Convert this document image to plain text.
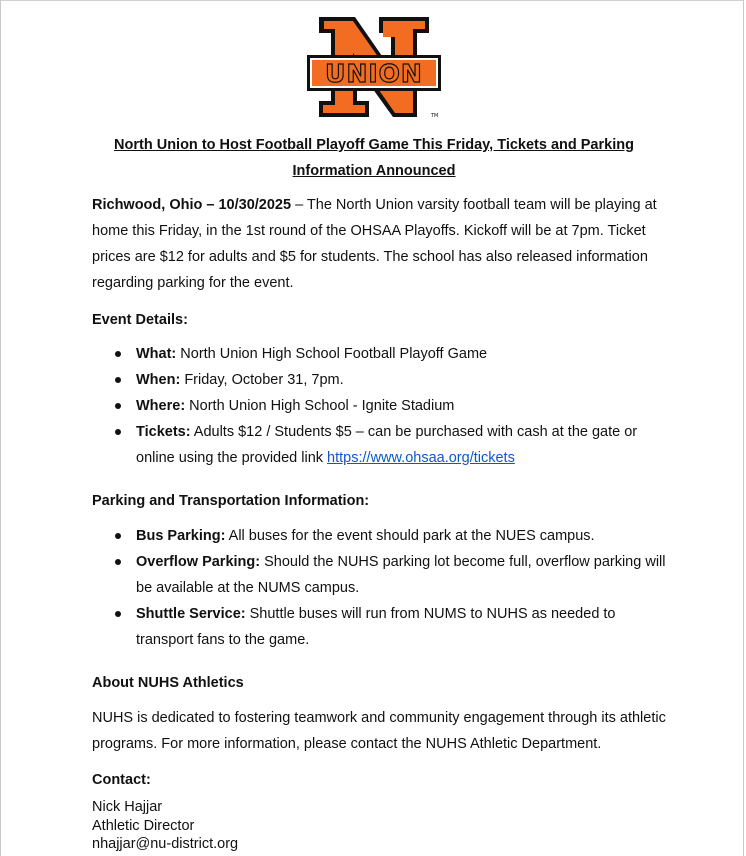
UNION
TM
North Union to Host Football Playoff Game This Friday, Tickets and Parking
Information Announced
Richwood, Ohio – 10/30/2025 – The North Union varsity football team will be playing at home this Friday, in the 1st round of the OHSAA Playoffs. Kickoff will be at 7pm. Ticket prices are $12 for adults and $5 for students. The school has also released information regarding parking for the event.
Event Details:
What: North Union High School Football Playoff Game
When: Friday, October 31, 7pm.
Where: North Union High School - Ignite Stadium
Tickets: Adults $12 / Students $5 – can be purchased with cash at the gate or online using the provided link https://www.ohsaa.org/tickets
Parking and Transportation Information:
Bus Parking: All buses for the event should park at the NUES campus.
Overflow Parking: Should the NUHS parking lot become full, overflow parking will be available at the NUMS campus.
Shuttle Service: Shuttle buses will run from NUMS to NUHS as needed to transport fans to the game.
About NUHS Athletics
NUHS is dedicated to fostering teamwork and community engagement through its athletic programs. For more information, please contact the NUHS Athletic Department.
Contact:
Nick Hajjar
Athletic Director
nhajjar@nu-district.org
